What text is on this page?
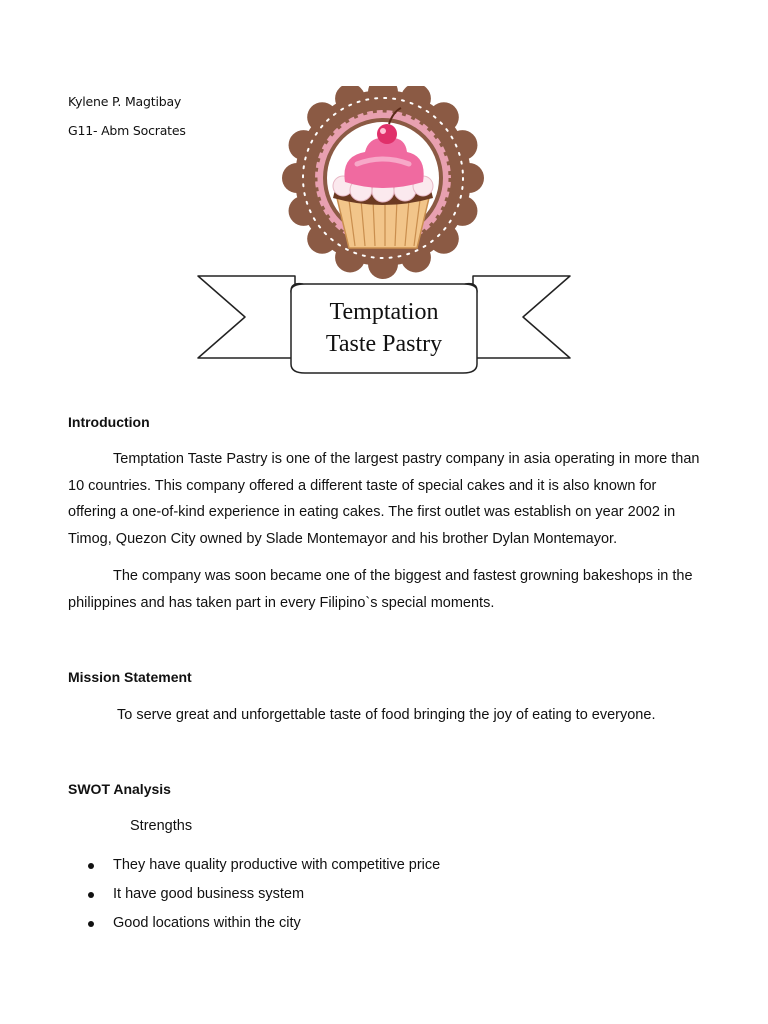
Kylene P. Magtibay
G11- Abm Socrates
Temptation
Taste Pastry
Introduction

Temptation Taste Pastry is one of the largest pastry company in asia operating in more than 10 countries. This company offered a different taste of special cakes and it is also known for offering a one-of-kind experience in eating cakes. The first outlet was establish on year 2002 in Timog, Quezon City owned by Slade Montemayor and his brother Dylan Montemayor.

The company was soon became one of the biggest and fastest growning bakeshops in the philippines and has taken part in every Filipino`s special moments.

Mission Statement
To serve great and unforgettable taste of food bringing the joy of eating to everyone.
SWOT Analysis
Strengths
They have quality productive with competitive price
It have good business system
Good locations within the city
